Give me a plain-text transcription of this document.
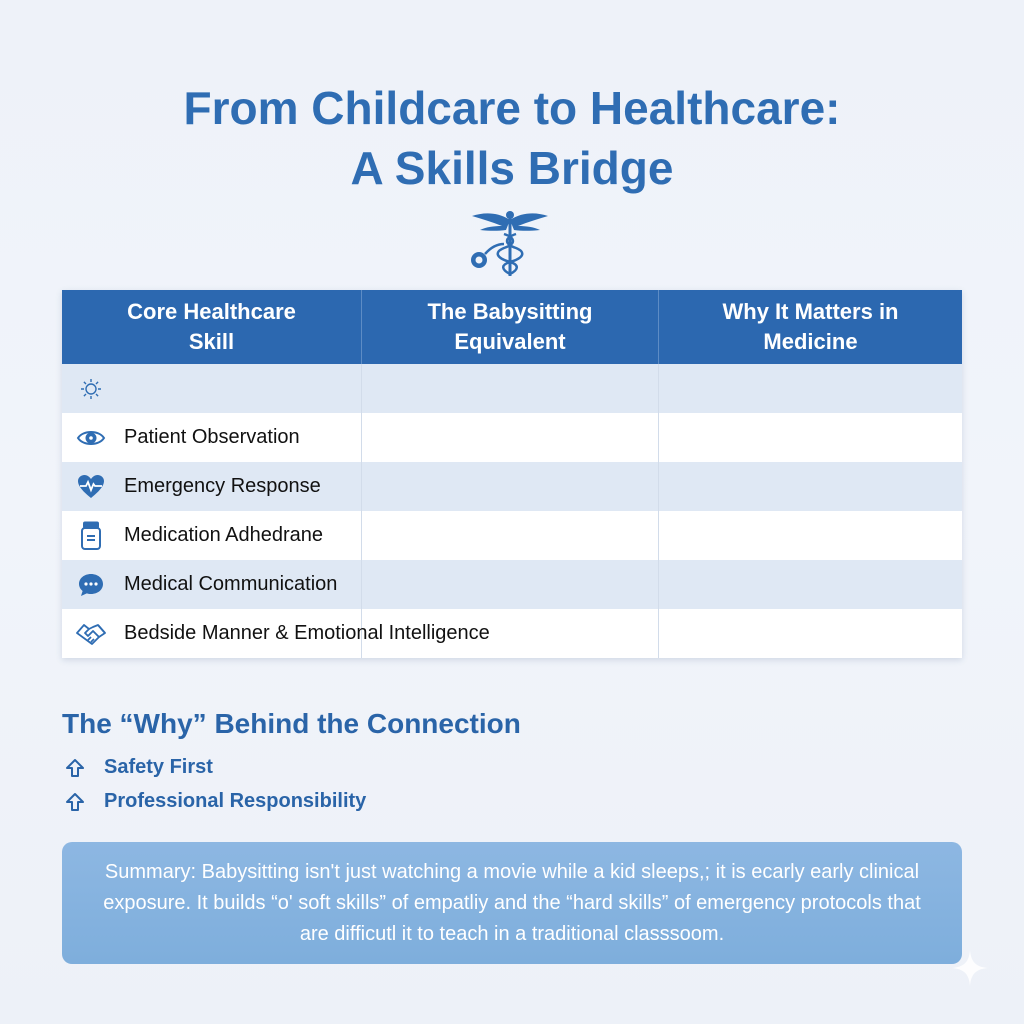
From Childcare to Healthcare:
A Skills Bridge
Core Healthcare
Skill
The Babysitting
Equivalent
Why It Matters in
Medicine
Patient Observation
Emergency Response
Medication Adhedrane
Medical Communication
Bedside Manner & Emotional Intelligence
The “Why” Behind the Connection
Safety First
Professional Responsibility
Summary: Babysitting isn't just watching a movie while a kid sleeps,; it is ecarly early clinical exposure. It builds “o' soft skills” of empatliy and the “hard skills” of emergency protocols that are difficutl it to teach in a traditional classsoom.
